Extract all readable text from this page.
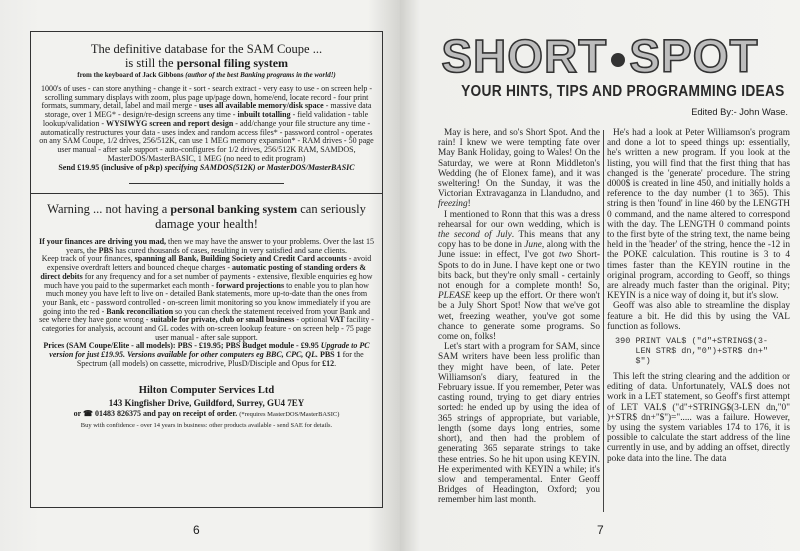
The definitive database for the SAM Coupe ...
is still the personal filing system
from the keyboard of Jack Gibbons (author of the best Banking programs in the world!)
1000's of uses - can store anything - change it - sort - search extract - very easy to use - on screen help - scrolling summary displays with zoom, plus page up/page down, home/end, locate record - four print formats, summary, detail, label and mail merge - uses all available memory/disk space - massive data storage, over 1 MEG* - design/re-design screens any time - inbuilt totalling - field validation - table lookup/validation - WYSIWYG screen and report design - add/change your file structure any time - automatically restructures your data - uses index and random access files* - password control - operates on any SAM Coupe, 1/2 drives, 256/512K, can use 1 MEG memory expansion* - RAM drives - 50 page user manual - after sale support - auto-configures for 1/2 drives, 256/512K RAM, SAMDOS, MasterDOS/MasterBASIC, 1 MEG (no need to edit program)
Send £19.95 (inclusive of p&p) specifying SAMDOS(512K) or MasterDOS/MasterBASIC
Warning ... not having a personal banking system can seriously damage your health!
If your finances are driving you mad, then we may have the answer to your problems. Over the last 15 years, the PBS has cured thousands of cases, resulting in very satisfied and sane clients.
Keep track of your finances, spanning all Bank, Building Society and Credit Card accounts - avoid expensive overdraft letters and bounced cheque charges - automatic posting of standing orders & direct debits for any frequency and for a set number of payments - extensive, flexible enquiries eg how much have you paid to the supermarket each month - forward projections to enable you to plan how much money you have left to live on - detailed Bank statements, more up-to-date than the ones from your Bank, etc - password controlled - on-screen limit monitoring so you know immediately if you are going into the red - Bank reconciliation so you can check the statement received from your Bank and see where they have gone wrong - suitable for private, club or small business - optional VAT facility - categories for analysis, account and GL codes with on-screen lookup feature - on screen help - 75 page user manual - after sale support.
Prices (SAM Coupe/Elite - all models): PBS - £19.95; PBS Budget module - £9.95 Upgrade to PC version for just £19.95. Versions available for other computers eg BBC, CPC, QL. PBS 1 for the Spectrum (all models) on cassette, microdrive, PlusD/Disciple and Opus for £12.
Hilton Computer Services Ltd
143 Kingfisher Drive, Guildford, Surrey, GU4 7EY
or ☎ 01483 826375 and pay on receipt of order. (*requires MasterDOS/MasterBASIC)
Buy with confidence - over 14 years in business: other products available - send SAE for details.
6
SHORT SPOT
YOUR HINTS, TIPS AND PROGRAMMING IDEAS
Edited By:- John Wase.

May is here, and so's Short Spot. And the rain! I knew we were tempting fate over May Bank Holiday, going to Wales! On the Saturday, we were at Ronn Middleton's Wedding (he of Elonex fame), and it was sweltering! On the Sunday, it was the Victorian Extravaganza in Llandudno, and freezing!

I mentioned to Ronn that this was a dress rehearsal for our own wedding, which is the second of July. This means that any copy has to be done in June, along with the June issue: in effect, I've got two Short-Spots to do in June. I have kept one or two bits back, but they're only small - certainly not enough for a complete month! So, PLEASE keep up the effort. Or there won't be a July Short Spot! Now that we've got wet, freezing weather, you've got some chance to generate some programs. So come on, folks!

Let's start with a program for SAM, since SAM writers have been less prolific than they might have been, of late. Peter Williamson's diary, featured in the February issue. If you remember, Peter was casting round, trying to get diary entries sorted: he ended up by using the idea of 365 strings of appropriate, but variable, length (some days long entries, some short), and then had the problem of generating 365 separate strings to take these entries. So he hit upon using KEYIN. He experimented with KEYIN a while; it's slow and temperamental. Enter Geoff Bridges of Headington, Oxford; you remember him last month.

He's had a look at Peter Williamson's program and done a lot to speed things up: essentially, he's written a new program. If you look at the listing, you will find that the first thing that has changed is the 'generate' procedure. The string d000$ is created in line 450, and initially holds a reference to the day number (1 to 365). This string is then 'found' in line 460 by the LENGTH 0 command, and the name altered to correspond with the day. The LENGTH 0 command points to the first byte of the string text, the name being held in the 'header' of the string, hence the -12 in the POKE calculation. This routine is 3 to 4 times faster than the KEYIN routine in the original program, according to Geoff, so things are already much faster than the original. Pity; KEYIN is a nice way of doing it, but it's slow.

Geoff was also able to streamline the display feature a bit. He did this by using the VAL function as follows.

390 PRINT VAL$ ("d"+STRING$(3-
LEN STR$ dn,"0")+STR$ dn+"
$")

This left the string clearing and the addition or editing of data. Unfortunately, VAL$ does not work in a LET statement, so Geoff's first attempt of LET VAL$ ("d"+STRING$(3-LEN dn,"0" )+STR$ dn+"$")="..... was a failure. However, by using the system variables 174 to 176, it is possible to calculate the start address of the line currently in use, and by adding an offset, directly poke data into the line. The data

7
